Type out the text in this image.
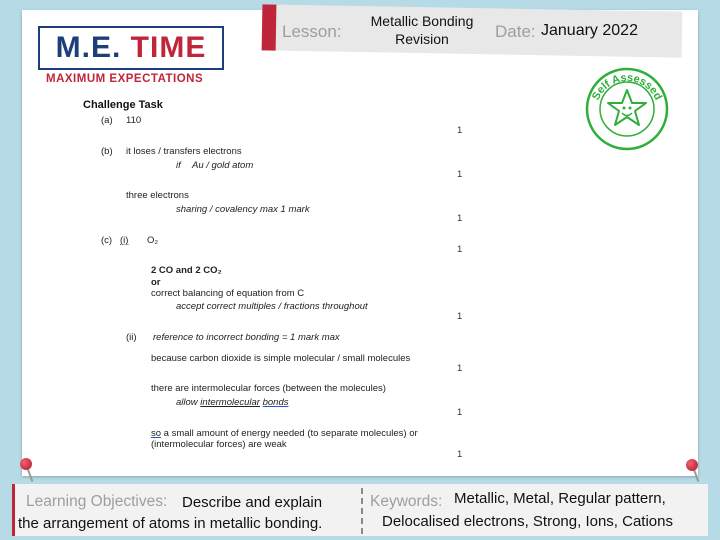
M.E.
TIME
MAXIMUM EXPECTATIONS
Lesson:
Metallic Bonding
Revision	Date: January 2022
Self Assessed
Challenge Task
(a) 110
1
(b) it loses / transfers electrons
if Au / gold atom
1
three electrons
sharing / covalency max 1 mark
1
(c) (i) O₂
1
2 CO and 2 CO₂
or
correct balancing of equation from C
accept correct multiples / fractions throughout
1
(ii) reference to incorrect bonding = 1 mark max
because carbon dioxide is simple molecular / small molecules
1
there are intermolecular forces (between the molecules)
allow intermolecular bonds
1
so a small amount of energy needed (to separate molecules) or
(intermolecular forces) are weak
1
Learning Objectives: Describe and explain
the arrangement of atoms in metallic bonding.
Keywords: Metallic, Metal, Regular pattern,
Delocalised electrons, Strong, Ions, Cations
